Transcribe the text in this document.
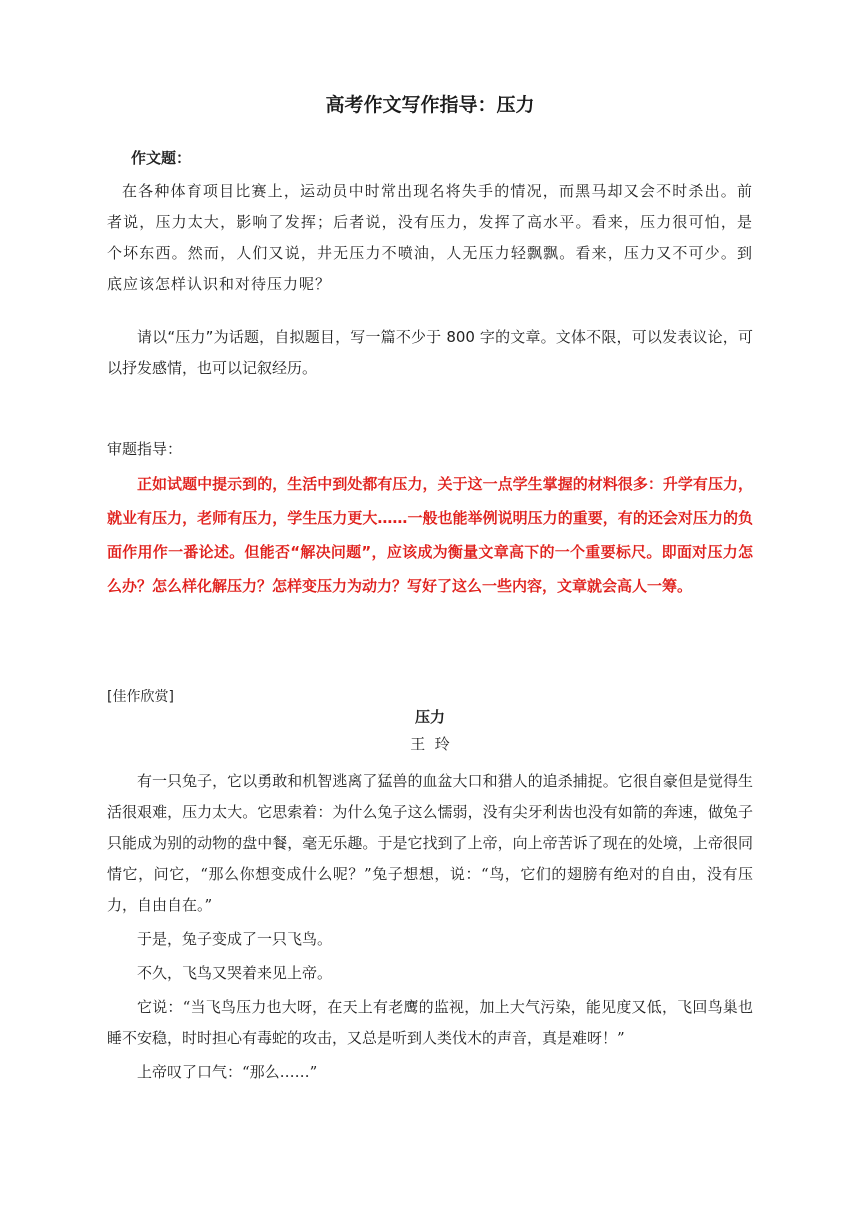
高考作文写作指导：压力
作文题：

在各种体育项目比赛上，运动员中时常出现名将失手的情况，而黑马却又会不时杀出。前者说，压力太大，影响了发挥；后者说，没有压力，发挥了高水平。看来，压力很可怕，是个坏东西。然而，人们又说，井无压力不喷油，人无压力轻飘飘。看来，压力又不可少。到底应该怎样认识和对待压力呢？

请以“压力”为话题，自拟题目，写一篇不少于 800 字的文章。文体不限，可以发表议论，可以抒发感情，也可以记叙经历。

审题指导：

正如试题中提示到的，生活中到处都有压力，关于这一点学生掌握的材料很多：升学有压力，就业有压力，老师有压力，学生压力更大……一般也能举例说明压力的重要，有的还会对压力的负面作用作一番论述。但能否“解决问题”，应该成为衡量文章高下的一个重要标尺。即面对压力怎么办？怎么样化解压力？怎样变压力为动力？写好了这么一些内容，文章就会高人一筹。

[佳作欣赏]
压力
王  玲

有一只兔子，它以勇敢和机智逃离了猛兽的血盆大口和猎人的追杀捕捉。它很自豪但是觉得生活很艰难，压力太大。它思索着：为什么兔子这么懦弱，没有尖牙利齿也没有如箭的奔速，做兔子只能成为别的动物的盘中餐，毫无乐趣。于是它找到了上帝，向上帝苦诉了现在的处境，上帝很同情它，问它，“那么你想变成什么呢？”兔子想想，说：“鸟，它们的翅膀有绝对的自由，没有压力，自由自在。”

于是，兔子变成了一只飞鸟。

不久，飞鸟又哭着来见上帝。

它说：“当飞鸟压力也大呀，在天上有老鹰的监视，加上大气污染，能见度又低，飞回鸟巢也睡不安稳，时时担心有毒蛇的攻击，又总是听到人类伐木的声音，真是难呀！”

上帝叹了口气：“那么……”
